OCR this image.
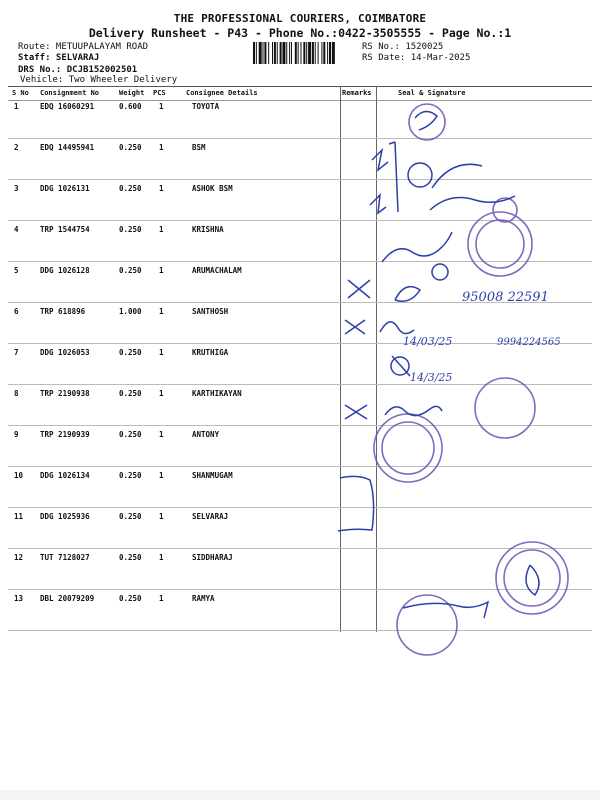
THE PROFESSIONAL COURIERS, COIMBATORE
Delivery Runsheet - P43 - Phone No.:0422-3505555 - Page No.:1
Route: METUUPALAYAM ROAD
Staff: SELVARAJ
DRS No.: DCJB152002501
Vehicle: Two Wheeler Delivery
RS No.: 1520025
RS Date: 14-Mar-2025
S No Consignment No	Weight PCS	Consignee Details	Remarks	Seal & Signature
1	EDQ 16060291	0.600 1	TOYOTA
2	EDQ 14495941	0.250 1	BSM
3	DDG 1026131	0.250 1	ASHOK BSM
4	TRP 1544754	0.250 1	KRISHNA
5	DDG 1026128	0.250 1	ARUMACHALAM
6	TRP 618896	1.000 1	SANTHOSH
7	DDG 1026053	0.250 1	KRUTHIGA
8	TRP 2190938	0.250 1	KARTHIKAYAN
9	TRP 2190939	0.250 1	ANTONY
10 DDG 1026134	0.250 1	SHANMUGAM
11 DDG 1025936	0.250 1	SELVARAJ
12 TUT 7128027	0.250 1	SIDDHARAJ
13 DBL 20079209	0.250 1	RAMYA
95008 22591
9994224565
14/03/25
14/3/25
